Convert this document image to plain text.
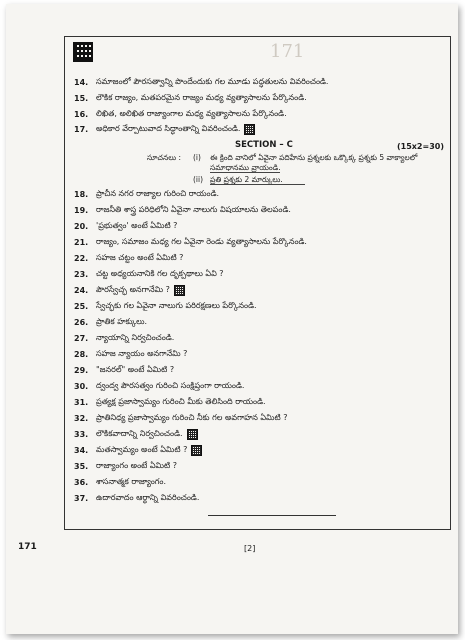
171
14. సమాజంలో పౌరసత్వాన్ని పొందేందుకు గల మూడు పద్ధతులను వివరించండి.
15. లౌకిక రాజ్యం, మతపరమైన రాజ్యం మధ్య వ్యత్యాసాలను పేర్కొనండి.
16. లిఖిత, అలిఖిత రాజ్యాంగాల మధ్య వ్యత్యాసాలను పేర్కొనండి.
17. అధికార వేర్పాటువాద సిద్ధాంతాన్ని వివరించండి.
SECTION – C	(15x2=30)
సూచనలు : (i) ఈ క్రింది వానిలో ఏవైనా పదిహేను ప్రశ్నలకు ఒక్కొక్క ప్రశ్నకు 5 వాక్యాలలో
సమాధానము వ్రాయండి.
(ii) ప్రతి ప్రశ్నకు 2 మార్కులు.
18. ప్రాచీన నగర రాజ్యాల గురించి రాయండి.
19. రాజనీతి శాస్త్ర పరిధిలోని ఏవైనా నాలుగు విషయాలను తెలపండి.
20. 'ప్రభుత్వం' అంటే ఏమిటి ?
21. రాజ్యం, సమాజం మధ్య గల ఏవైనా రెండు వ్యత్యాసాలను పేర్కొనండి.
22. సహజ చట్టం అంటే ఏమిటి ?
23. చట్ట అధ్యయనానికి గల దృక్పథాలు ఏవి ?
24. పౌరస్వేచ్ఛ అనగానేమి ?
25. స్వేచ్ఛకు గల ఏవైనా నాలుగు పరిరక్షణలు పేర్కొనండి.
26. ప్రాతిక హక్కులు.
27. న్యాయాన్ని నిర్వచించండి.
28. సహజ న్యాయం అనగానేమి ?
29. "జనరల్" అంటే ఏమిటి ?
30. ద్వంద్వ పౌరసత్వం గురించి సంక్షిప్తంగా రాయండి.
31. ప్రత్యక్ష ప్రజాస్వామ్యం గురించి మీకు తెలిసింది రాయండి.
32. ప్రాతినిధ్య ప్రజాస్వామ్యం గురించి నీకు గల అవగాహన ఏమిటి ?
33. లౌకికవాదాన్ని నిర్వచించండి.
34. మతస్వామ్యం అంటే ఏమిటి ?
35. రాజ్యాంగం అంటే ఏమిటి ?
36. శాసనాత్మక రాజ్యాంగం.
37. ఉదారవాదం ఆర్థాన్ని వివరించండి.
171	[2]
